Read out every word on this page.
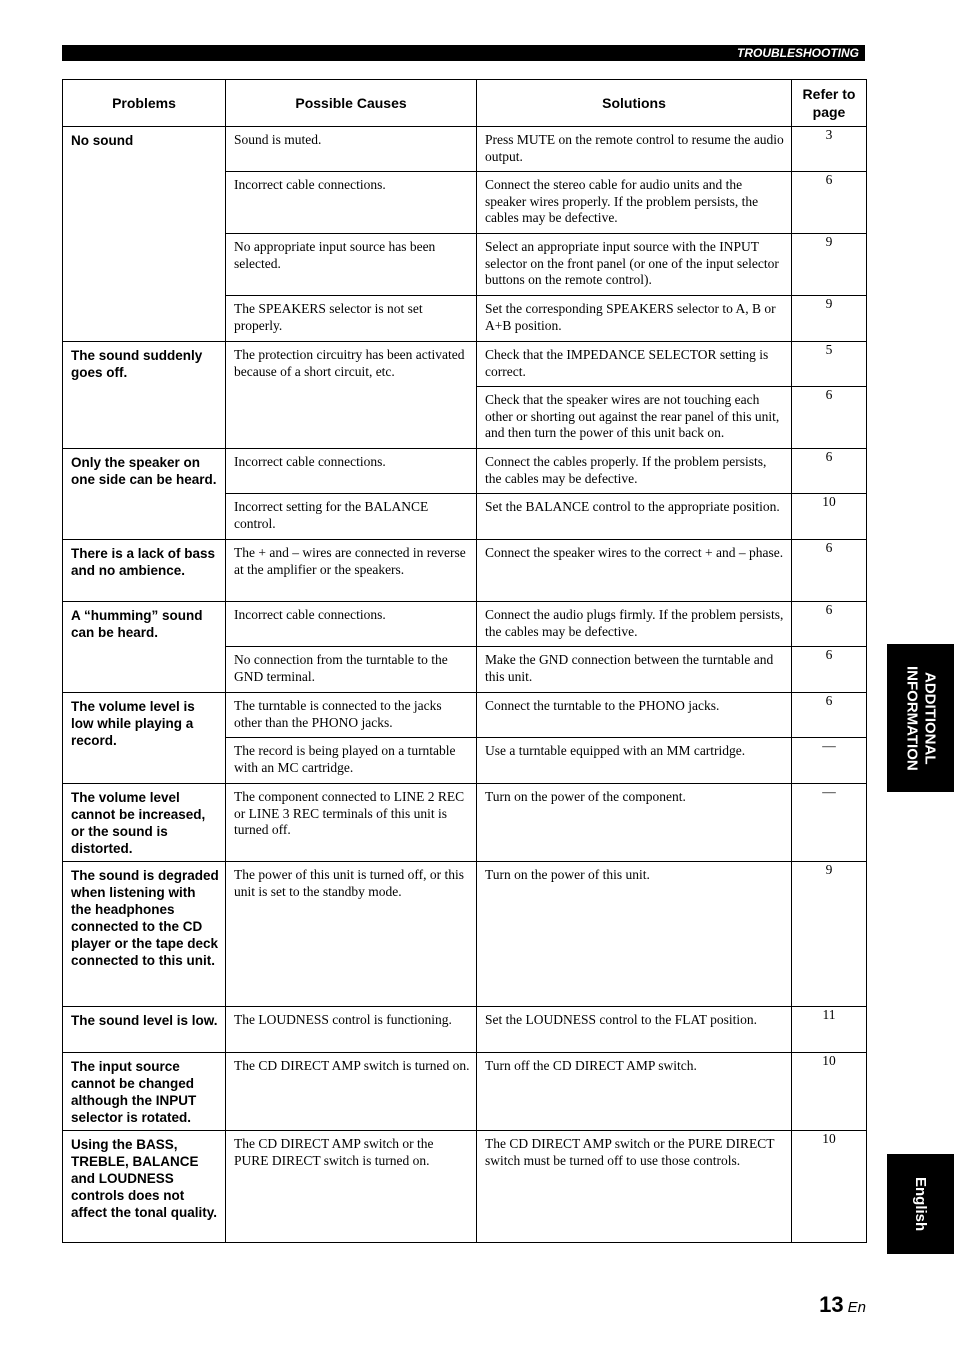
TROUBLESHOOTING
Problems	Possible Causes	Solutions	Refer to page
No sound	Sound is muted.	Press MUTE on the remote control to resume the audio output.	3
	Incorrect cable connections.	Connect the stereo cable for audio units and the speaker wires properly. If the problem persists, the cables may be defective.	6
	No appropriate input source has been selected.	Select an appropriate input source with the INPUT selector on the front panel (or one of the input selector buttons on the remote control).	9
	The SPEAKERS selector is not set properly.	Set the corresponding SPEAKERS selector to A, B or A+B position.	9
The sound suddenly goes off.	The protection circuitry has been activated because of a short circuit, etc.	Check that the IMPEDANCE SELECTOR setting is correct.	5
		Check that the speaker wires are not touching each other or shorting out against the rear panel of this unit, and then turn the power of this unit back on.	6
Only the speaker on one side can be heard.	Incorrect cable connections.	Connect the cables properly. If the problem persists, the cables may be defective.	6
	Incorrect setting for the BALANCE control.	Set the BALANCE control to the appropriate position.	10
There is a lack of bass and no ambience.	The + and – wires are connected in reverse at the amplifier or the speakers.	Connect the speaker wires to the correct + and – phase.	6
A “humming” sound can be heard.	Incorrect cable connections.	Connect the audio plugs firmly. If the problem persists, the cables may be defective.	6
	No connection from the turntable to the GND terminal.	Make the GND connection between the turntable and this unit.	6
The volume level is low while playing a record.	The turntable is connected to the jacks other than the PHONO jacks.	Connect the turntable to the PHONO jacks.	6
	The record is being played on a turntable with an MC cartridge.	Use a turntable equipped with an MM cartridge.	—
The volume level cannot be increased, or the sound is distorted.	The component connected to LINE 2 REC or LINE 3 REC terminals of this unit is turned off.	Turn on the power of the component.	—
The sound is degraded when listening with the headphones connected to the CD player or the tape deck connected to this unit.	The power of this unit is turned off, or this unit is set to the standby mode.	Turn on the power of this unit.	9
The sound level is low.	The LOUDNESS control is functioning.	Set the LOUDNESS control to the FLAT position.	11
The input source cannot be changed although the INPUT selector is rotated.	The CD DIRECT AMP switch is turned on.	Turn off the CD DIRECT AMP switch.	10
Using the BASS, TREBLE, BALANCE and LOUDNESS controls does not affect the tonal quality.	The CD DIRECT AMP switch or the PURE DIRECT switch is turned on.	The CD DIRECT AMP switch or the PURE DIRECT switch must be turned off to use those controls.	10
ADDITIONAL INFORMATION
English
13 En
